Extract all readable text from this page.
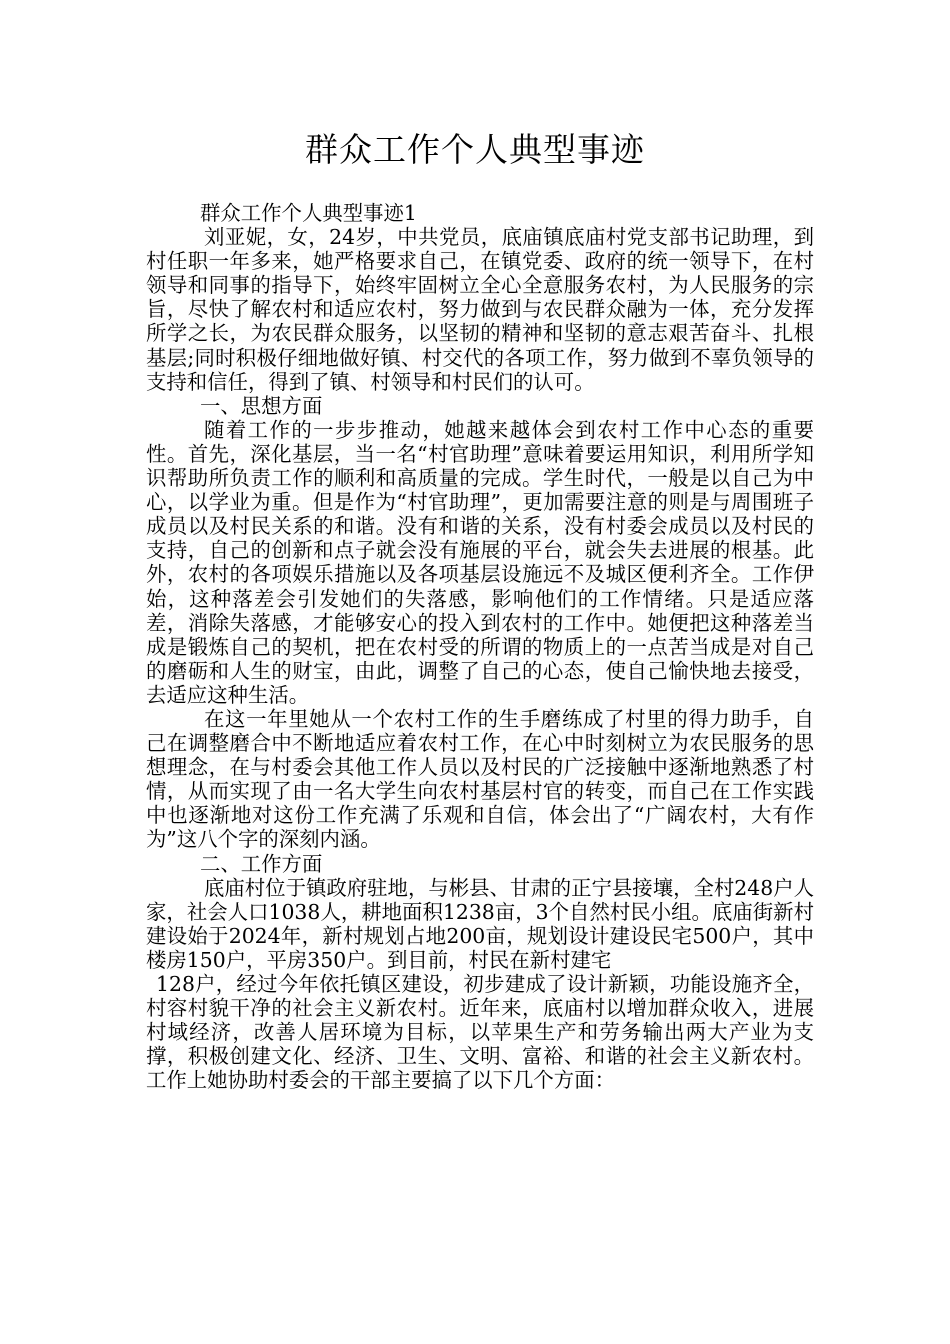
群众工作个人典型事迹

群众工作个人典型事迹1

刘亚妮，女，24岁，中共党员，底庙镇底庙村党支部书记助理，到村任职一年多来，她严格要求自己，在镇党委、政府的统一领导下，在村领导和同事的指导下，始终牢固树立全心全意服务农村，为人民服务的宗旨，尽快了解农村和适应农村，努力做到与农民群众融为一体，充分发挥所学之长，为农民群众服务，以坚韧的精神和坚韧的意志艰苦奋斗、扎根基层;同时积极仔细地做好镇、村交代的各项工作，努力做到不辜负领导的支持和信任，得到了镇、村领导和村民们的认可。

一、思想方面

随着工作的一步步推动，她越来越体会到农村工作中心态的重要性。首先，深化基层，当一名“村官助理”意味着要运用知识，利用所学知识帮助所负责工作的顺利和高质量的完成。学生时代，一般是以自己为中心，以学业为重。但是作为“村官助理”，更加需要注意的则是与周围班子成员以及村民关系的和谐。没有和谐的关系，没有村委会成员以及村民的支持，自己的创新和点子就会没有施展的平台，就会失去进展的根基。此外，农村的各项娱乐措施以及各项基层设施远不及城区便利齐全。工作伊始，这种落差会引发她们的失落感，影响他们的工作情绪。只是适应落差，消除失落感，才能够安心的投入到农村的工作中。她便把这种落差当成是锻炼自己的契机，把在农村受的所谓的物质上的一点苦当成是对自己的磨砺和人生的财宝，由此，调整了自己的心态，使自己愉快地去接受，去适应这种生活。

在这一年里她从一个农村工作的生手磨练成了村里的得力助手，自己在调整磨合中不断地适应着农村工作，在心中时刻树立为农民服务的思想理念，在与村委会其他工作人员以及村民的广泛接触中逐渐地熟悉了村情，从而实现了由一名大学生向农村基层村官的转变，而自己在工作实践中也逐渐地对这份工作充满了乐观和自信，体会出了“广阔农村，大有作为”这八个字的深刻内涵。

二、工作方面

底庙村位于镇政府驻地，与彬县、甘肃的正宁县接壤，全村248户人家，社会人口1038人，耕地面积1238亩，3个自然村民小组。底庙街新村建设始于2024年，新村规划占地200亩，规划设计建设民宅500户，其中楼房150户，平房350户。到目前，村民在新村建宅

128户，经过今年依托镇区建设，初步建成了设计新颖，功能设施齐全，村容村貌干净的社会主义新农村。近年来，底庙村以增加群众收入，进展村域经济，改善人居环境为目标，以苹果生产和劳务输出两大产业为支撑，积极创建文化、经济、卫生、文明、富裕、和谐的社会主义新农村。工作上她协助村委会的干部主要搞了以下几个方面：
